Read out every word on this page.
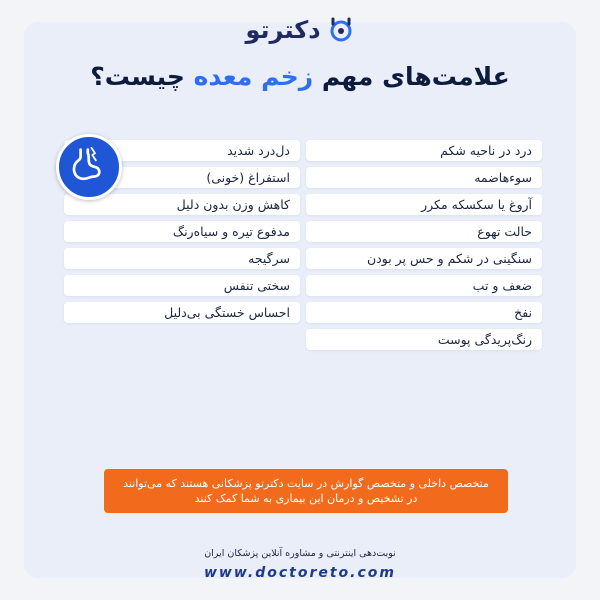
دکترتو
علامت‌های مهم زخم معده چیست؟
درد در ناحیه شکم
سوءهاضمه
آروغ یا سکسکه مکرر
حالت تهوع
سنگینی در شکم و حس پر بودن
ضعف و تب
نفخ
رنگ‌پریدگی پوست
دل‌درد شدید
استفراغ (خونی)
کاهش وزن بدون دلیل
مدفوع تیره و سیاه‌رنگ
سرگیجه
سختی تنفس
احساس خستگی بی‌دلیل
متخصص داخلی و متخصص گوارش در سایت دکترتو پزشکانی هستند که می‌توانند
در تشخیص و درمان این بیماری به شما کمک کنند
نوبت‌دهی اینترنتی و مشاوره آنلاین پزشکان ایران
www.doctoreto.com
